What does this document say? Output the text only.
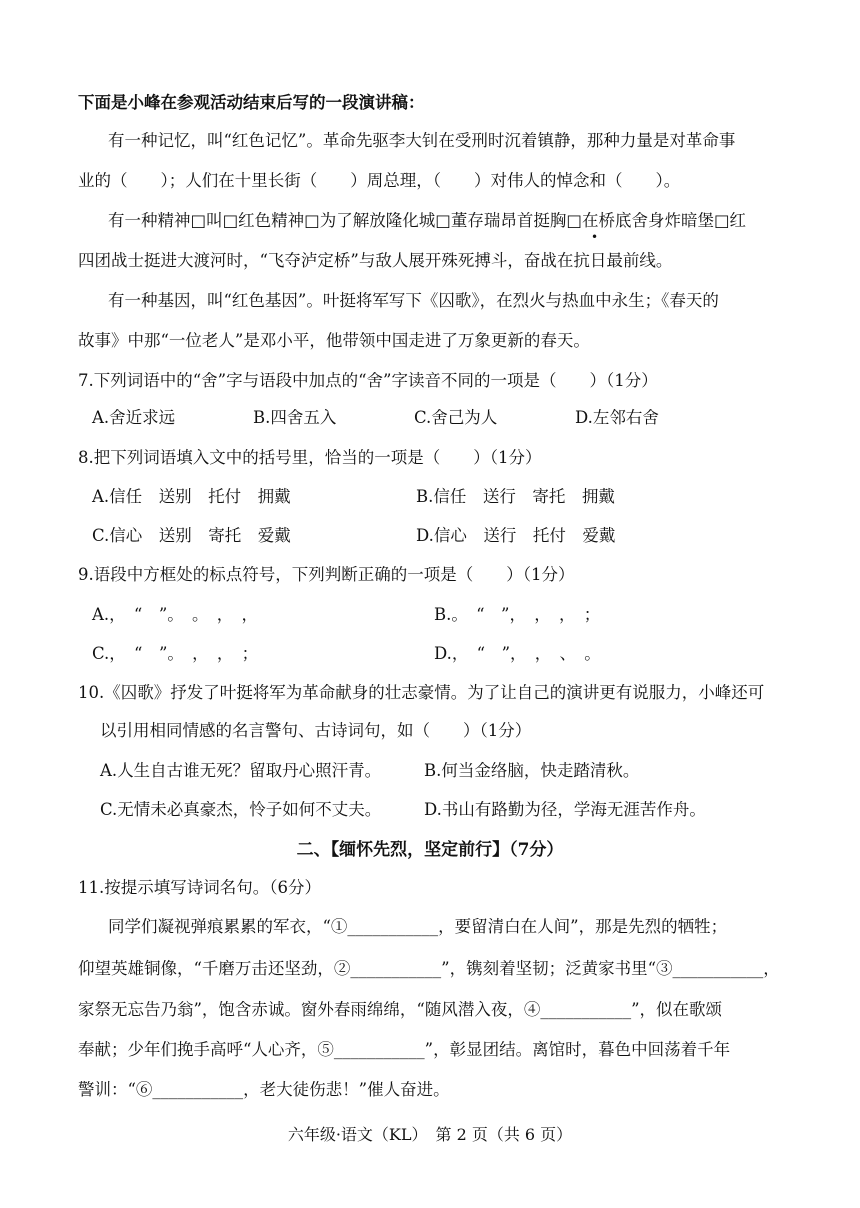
下面是小峰在参观活动结束后写的一段演讲稿：
有一种记忆，叫“红色记忆”。革命先驱李大钊在受刑时沉着镇静，那种力量是对革命事
业的（　　）；人们在十里长街（　　）周总理，（　　）对伟人的悼念和（　　）。
有一种精神□叫□红色精神□为了解放隆化城□董存瑞昂首挺胸□在桥底舍身炸暗堡□红
•
四团战士挺进大渡河时，“飞夺泸定桥”与敌人展开殊死搏斗，奋战在抗日最前线。
有一种基因，叫“红色基因”。叶挺将军写下《囚歌》，在烈火与热血中永生；《春天的
故事》中那“一位老人”是邓小平，他带领中国走进了万象更新的春天。
7.下列词语中的“舍”字与语段中加点的“舍”字读音不同的一项是（　　）（1分）
A.舍近求远	B.四舍五入	C.舍己为人	D.左邻右舍
8.把下列词语填入文中的括号里，恰当的一项是（　　）（1分）
A.信任　送别　托付　拥戴	B.信任　送行　寄托　拥戴
C.信心　送别　寄托　爱戴	D.信心　送行　托付　爱戴
9.语段中方框处的标点符号，下列判断正确的一项是（　　）（1分）
A.，　“　”。　。　，　，	B.。　“　”，　，　，　；
C.，　“　”。　，　，　；	D.，　“　”，　，　、　。
10.《囚歌》抒发了叶挺将军为革命献身的壮志豪情。为了让自己的演讲更有说服力，小峰还可
以引用相同情感的名言警句、古诗词句，如（　　）（1分）
A.人生自古谁无死？留取丹心照汗青。	B.何当金络脑，快走踏清秋。
C.无情未必真豪杰，怜子如何不丈夫。	D.书山有路勤为径，学海无涯苦作舟。
二、【缅怀先烈，坚定前行】（7分）
11.按提示填写诗词名句。（6分）
同学们凝视弹痕累累的军衣，“①___________，要留清白在人间”，那是先烈的牺牲；
仰望英雄铜像，“千磨万击还坚劲，②___________”，镌刻着坚韧；泛黄家书里“③___________，
家祭无忘告乃翁”，饱含赤诚。窗外春雨绵绵，“随风潜入夜，④___________”，似在歌颂
奉献；少年们挽手高呼“人心齐，⑤___________”，彰显团结。离馆时，暮色中回荡着千年
警训：“⑥___________，老大徒伤悲！”催人奋进。
六年级·语文（KL）　第 2 页（共 6 页）
